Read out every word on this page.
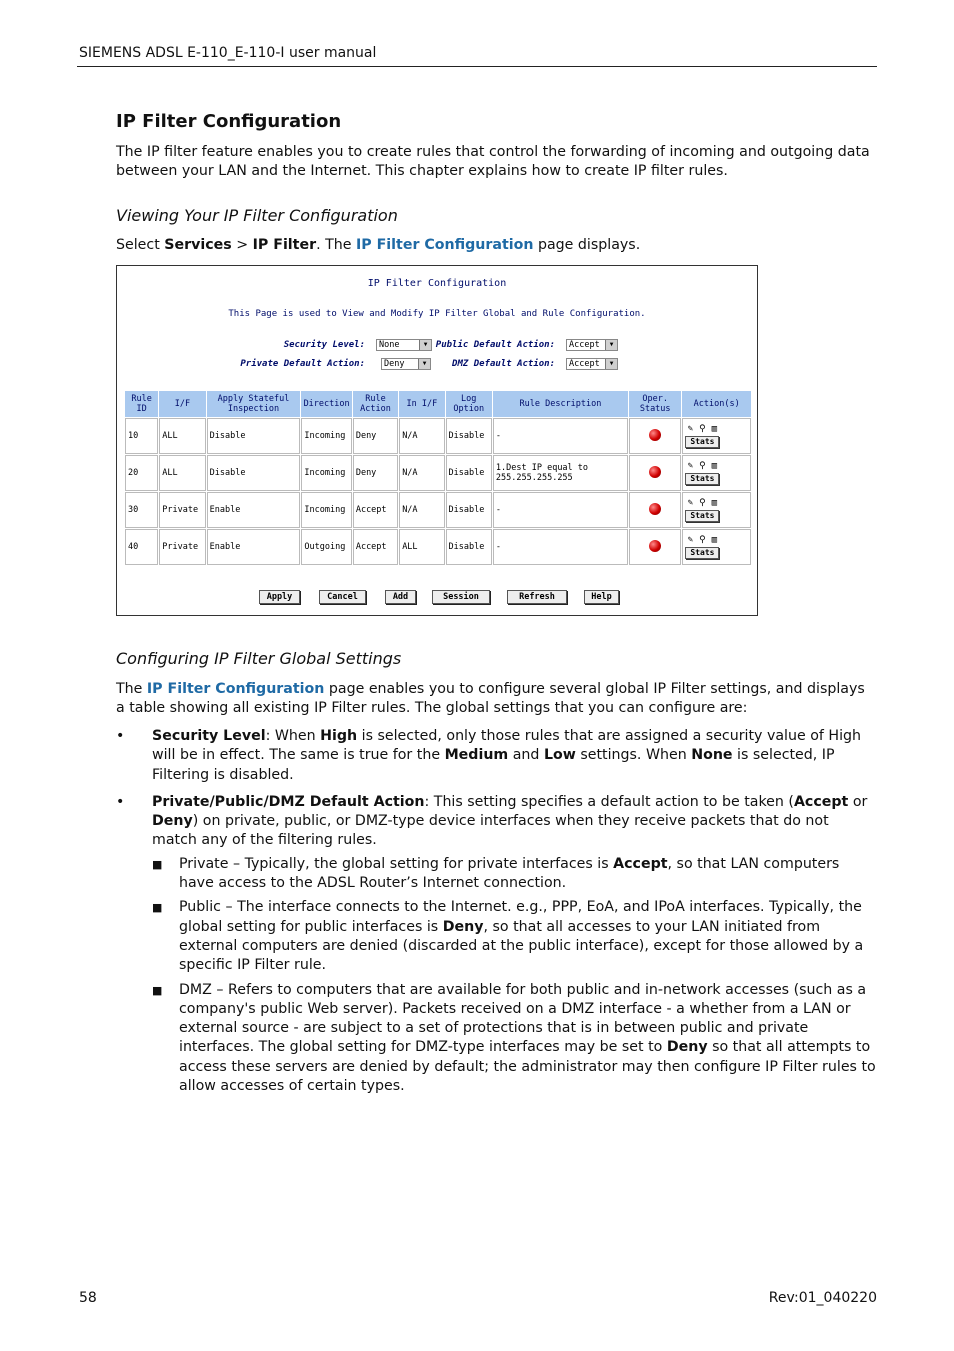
SIEMENS ADSL E-110_E-110-I user manual
IP Filter Configuration
The IP filter feature enables you to create rules that control the forwarding of incoming and outgoing data between your LAN and the Internet. This chapter explains how to create IP filter rules.
Viewing Your IP Filter Configuration
Select Services > IP Filter. The IP Filter Configuration page displays.
IP Filter Configuration
This Page is used to View and Modify IP Filter Global and Rule Configuration.
Security Level:	None	▼ Public Default Action:	Accept	▼
Private Default Action:	Deny	▼	DMZ Default Action:	Accept	▼
Rule ID	I/F	Apply Stateful Inspection	Direction	Rule Action	In I/F	Log Option	Rule Description	Oper. Status	Action(s)
10	ALL	Disable	Incoming	Deny	N/A	Disable	-		✎ ⚲ ▥
Stats
20	ALL	Disable	Incoming	Deny	N/A	Disable	1.Dest IP equal to 255.255.255.255		✎ ⚲ ▥
Stats
30	Private	Enable	Incoming	Accept	N/A	Disable	-		✎ ⚲ ▥
Stats
40	Private	Enable	Outgoing	Accept	ALL	Disable	-		✎ ⚲ ▥
Stats
Apply	Cancel	Add	Session	Refresh	Help
Configuring IP Filter Global Settings
The IP Filter Configuration page enables you to configure several global IP Filter settings, and displays a table showing all existing IP Filter rules. The global settings that you can configure are:
• Security Level: When High is selected, only those rules that are assigned a security value of High will be in effect. The same is true for the Medium and Low settings. When None is selected, IP Filtering is disabled.
• Private/Public/DMZ Default Action: This setting specifies a default action to be taken (Accept or Deny) on private, public, or DMZ-type device interfaces when they receive packets that do not match any of the filtering rules.
■ Private – Typically, the global setting for private interfaces is Accept, so that LAN computers have access to the ADSL Router’s Internet connection.
■ Public – The interface connects to the Internet. e.g., PPP, EoA, and IPoA interfaces. Typically, the global setting for public interfaces is Deny, so that all accesses to your LAN initiated from external computers are denied (discarded at the public interface), except for those allowed by a specific IP Filter rule.
■ DMZ – Refers to computers that are available for both public and in-network accesses (such as a company's public Web server). Packets received on a DMZ interface - a whether from a LAN or external source - are subject to a set of protections that is in between public and private interfaces. The global setting for DMZ-type interfaces may be set to Deny so that all attempts to access these servers are denied by default; the administrator may then configure IP Filter rules to allow accesses of certain types.
58	Rev:01_040220
